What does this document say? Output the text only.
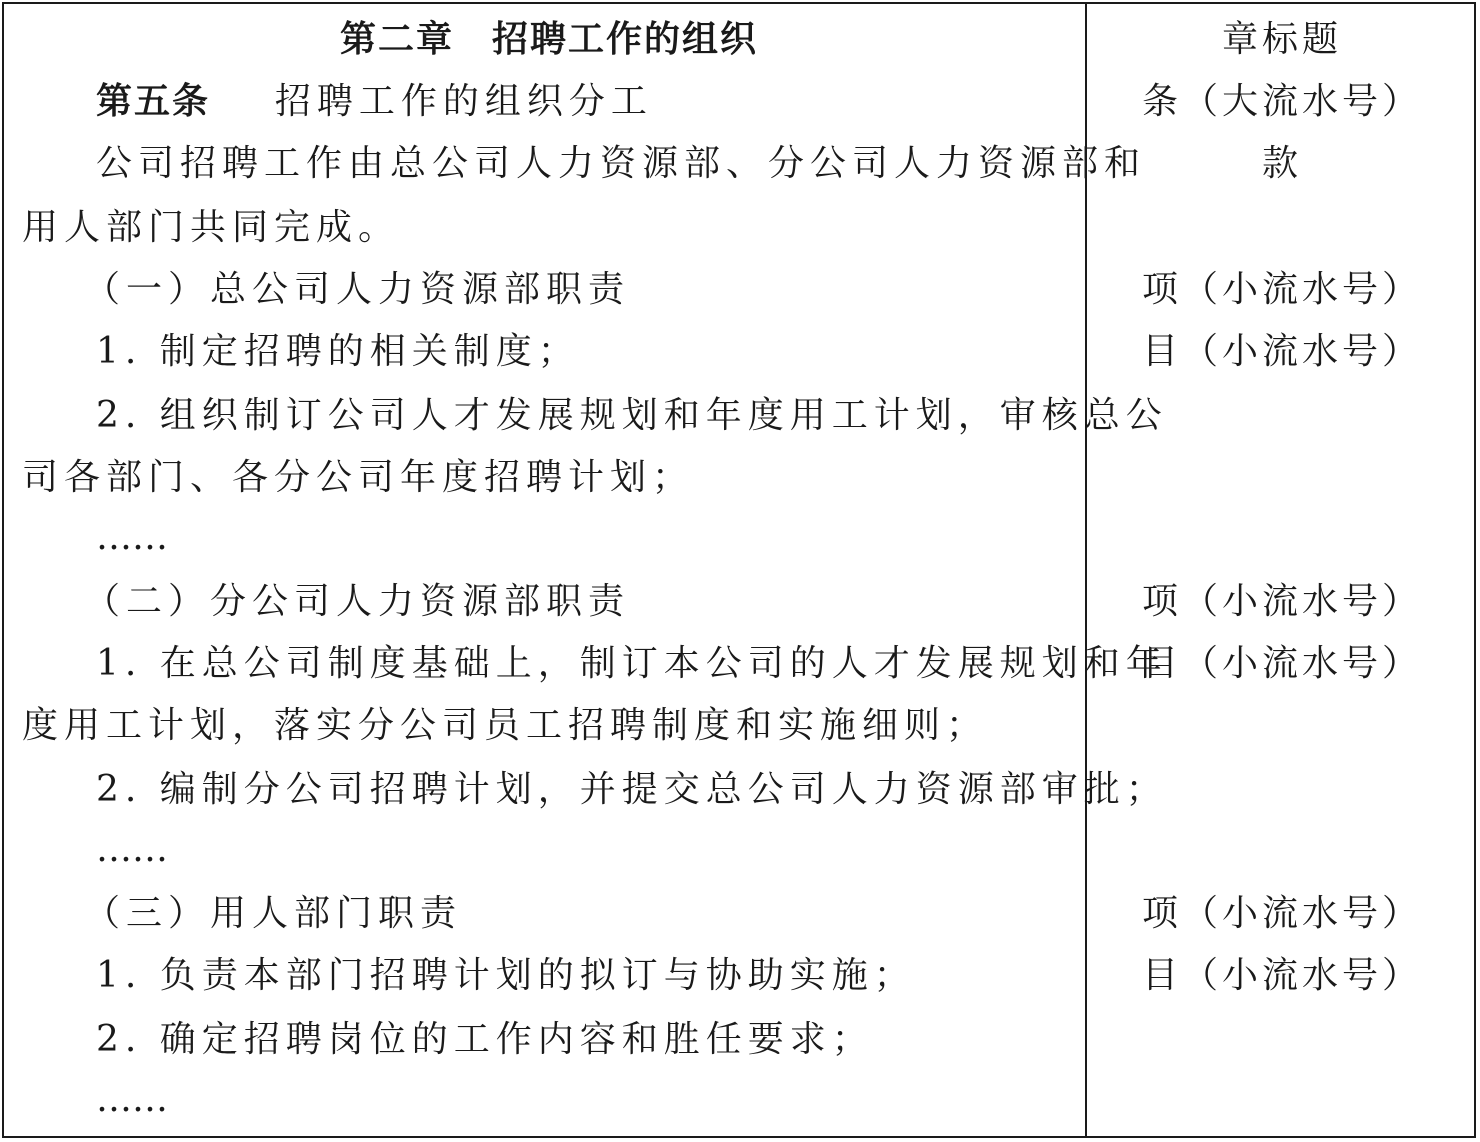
第二章　招聘工作的组织
第五条 招聘工作的组织分工
公司招聘工作由总公司人力资源部、分公司人力资源部和
用人部门共同完成。
（一）总公司人力资源部职责
1. 制定招聘的相关制度；
2. 组织制订公司人才发展规划和年度用工计划，审核总公
司各部门、各分公司年度招聘计划；
……
（二）分公司人力资源部职责
1. 在总公司制度基础上，制订本公司的人才发展规划和年
度用工计划，落实分公司员工招聘制度和实施细则；
2. 编制分公司招聘计划，并提交总公司人力资源部审批；
……
（三）用人部门职责
1. 负责本部门招聘计划的拟订与协助实施；
2. 确定招聘岗位的工作内容和胜任要求；
……
章标题
条（大流水号）
款
项（小流水号）
目（小流水号）
项（小流水号）
目（小流水号）
项（小流水号）
目（小流水号）
